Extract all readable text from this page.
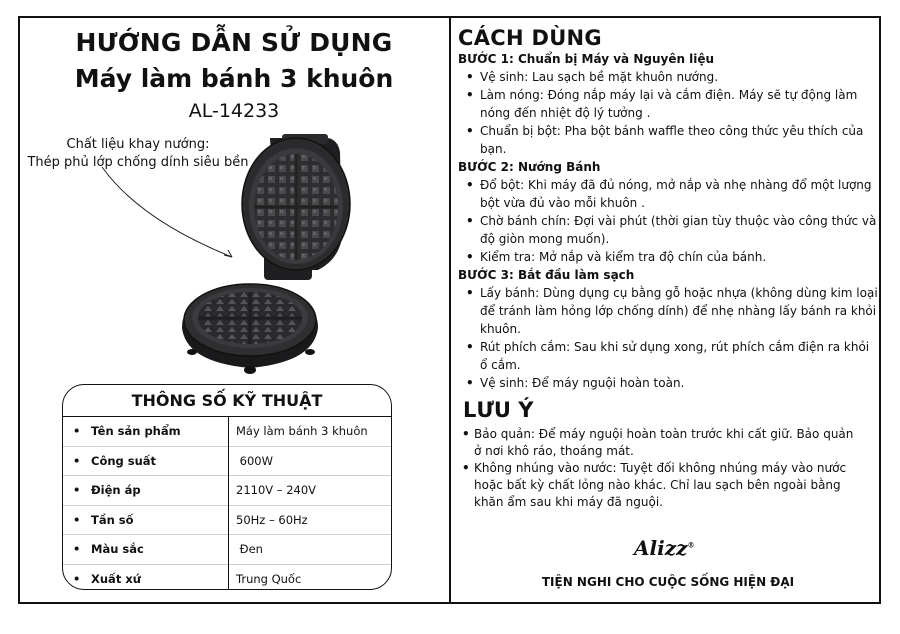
HƯỚNG DẪN SỬ DỤNG
Máy làm bánh 3 khuôn
AL-14233
Chất liệu khay nướng:
Thép phủ lớp chống dính siêu bền
THÔNG SỐ KỸ THUẬT
• Tên sản phẩm	Máy làm bánh 3 khuôn
• Công suất	600W
• Điện áp	2110V – 240V
• Tần số	50Hz – 60Hz
• Màu sắc	Đen
• Xuất xứ	Trung Quốc
CÁCH DÙNG
BƯỚC 1: Chuẩn bị Máy và Nguyên liệu
• Vệ sinh: Lau sạch bề mặt khuôn nướng.
• Làm nóng: Đóng nắp máy lại và cắm điện. Máy sẽ tự động làm nóng đến nhiệt độ lý tưởng .
• Chuẩn bị bột: Pha bột bánh waffle theo công thức yêu thích của bạn.
BƯỚC 2: Nướng Bánh
• Đổ bột: Khi máy đã đủ nóng, mở nắp và nhẹ nhàng đổ một lượng bột vừa đủ vào mỗi khuôn .
• Chờ bánh chín: Đợi vài phút (thời gian tùy thuộc vào công thức và độ giòn mong muốn).
• Kiểm tra: Mở nắp và kiểm tra độ chín của bánh.
BƯỚC 3: Bắt đầu làm sạch
• Lấy bánh: Dùng dụng cụ bằng gỗ hoặc nhựa (không dùng kim loại để tránh làm hỏng lớp chống dính) để nhẹ nhàng lấy bánh ra khỏi khuôn.
• Rút phích cắm: Sau khi sử dụng xong, rút phích cắm điện ra khỏi ổ cắm.
• Vệ sinh: Để máy nguội hoàn toàn.
LƯU Ý
• Bảo quản: Để máy nguội hoàn toàn trước khi cất giữ. Bảo quản ở nơi khô ráo, thoáng mát.
• Không nhúng vào nước: Tuyệt đối không nhúng máy vào nước hoặc bất kỳ chất lỏng nào khác. Chỉ lau sạch bên ngoài bằng khăn ẩm sau khi máy đã nguội.
Alizz®
TIỆN NGHI CHO CUỘC SỐNG HIỆN ĐẠI
